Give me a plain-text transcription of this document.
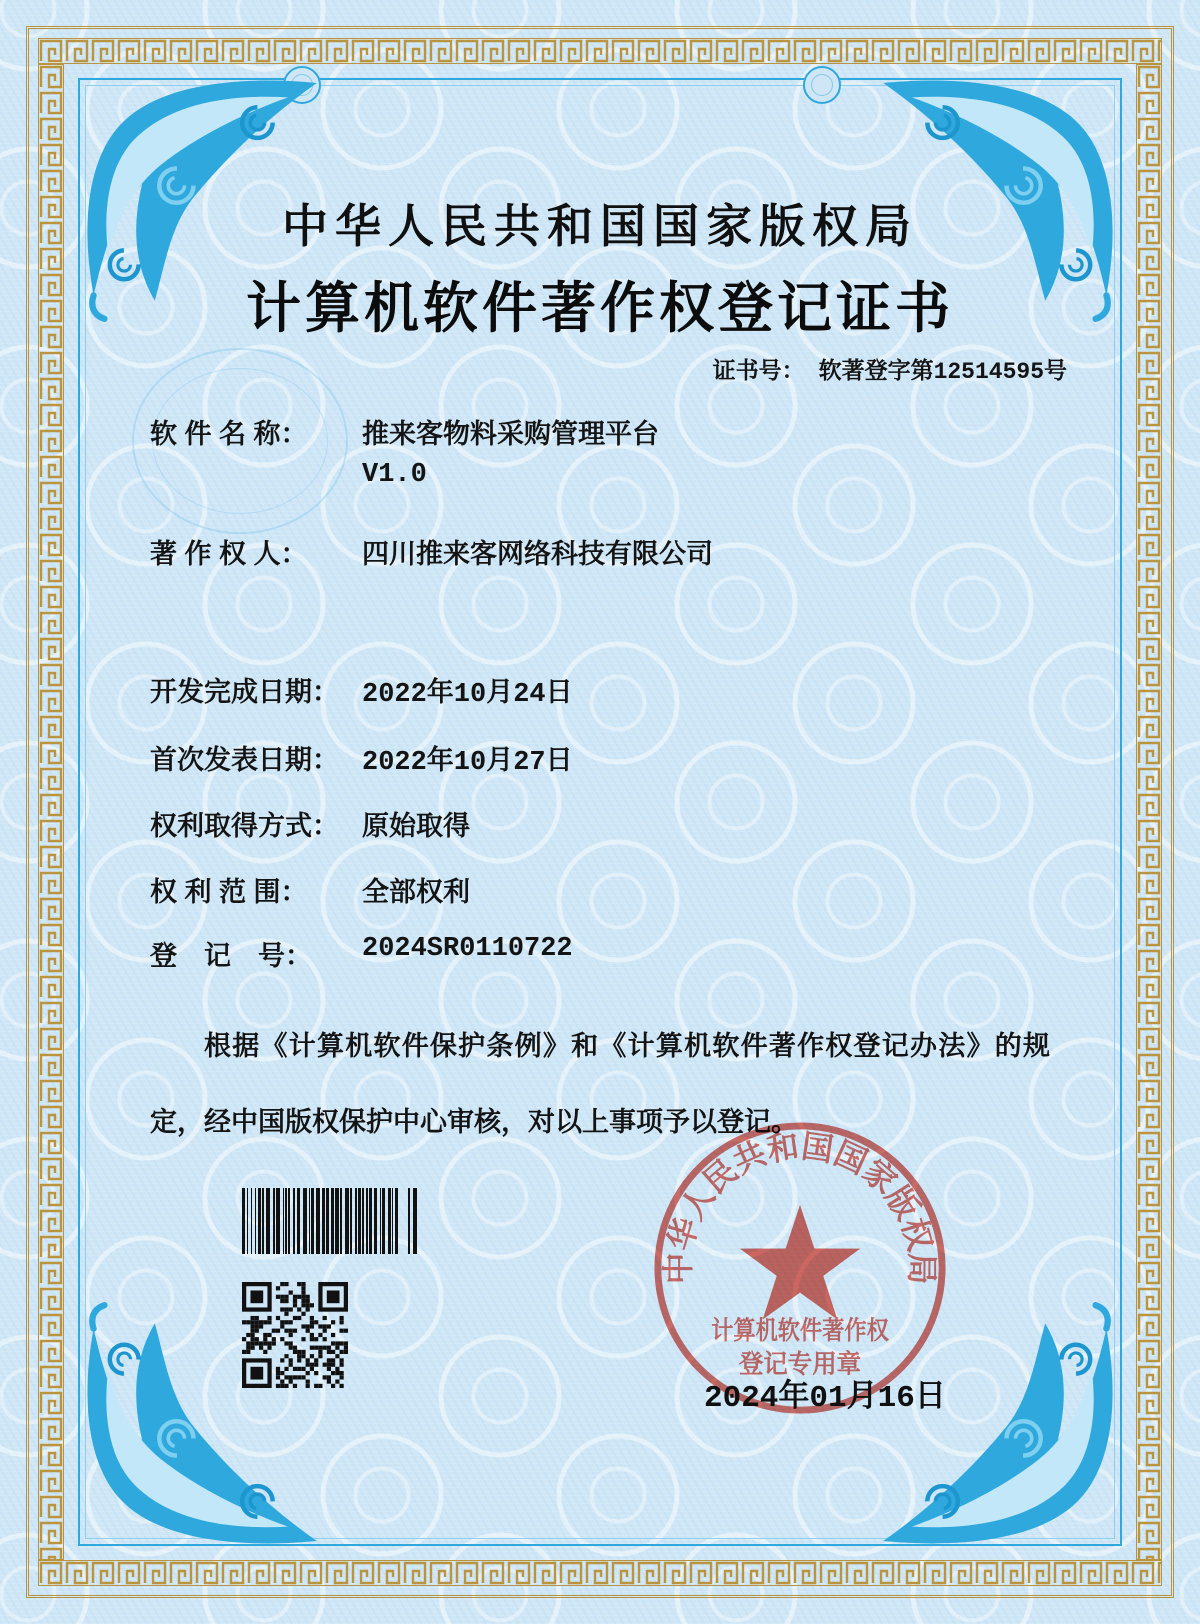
中华人民共和国国家版权局
计算机软件著作权登记证书
证书号： 软著登字第12514595号
软 件 名 称： 推来客物料采购管理平台
V1.0
著 作 权 人： 四川推来客网络科技有限公司
开发完成日期： 2022年10月24日
首次发表日期： 2022年10月27日
权利取得方式： 原始取得
权 利 范 围： 全部权利
登　记　号： 2024SR0110722
根据《计算机软件保护条例》和《计算机软件著作权登记办法》的规定，经中国版权保护中心审核，对以上事项予以登记。
中华人民共和国国家版权局
计算机软件著作权
登记专用章
2024年01月16日
